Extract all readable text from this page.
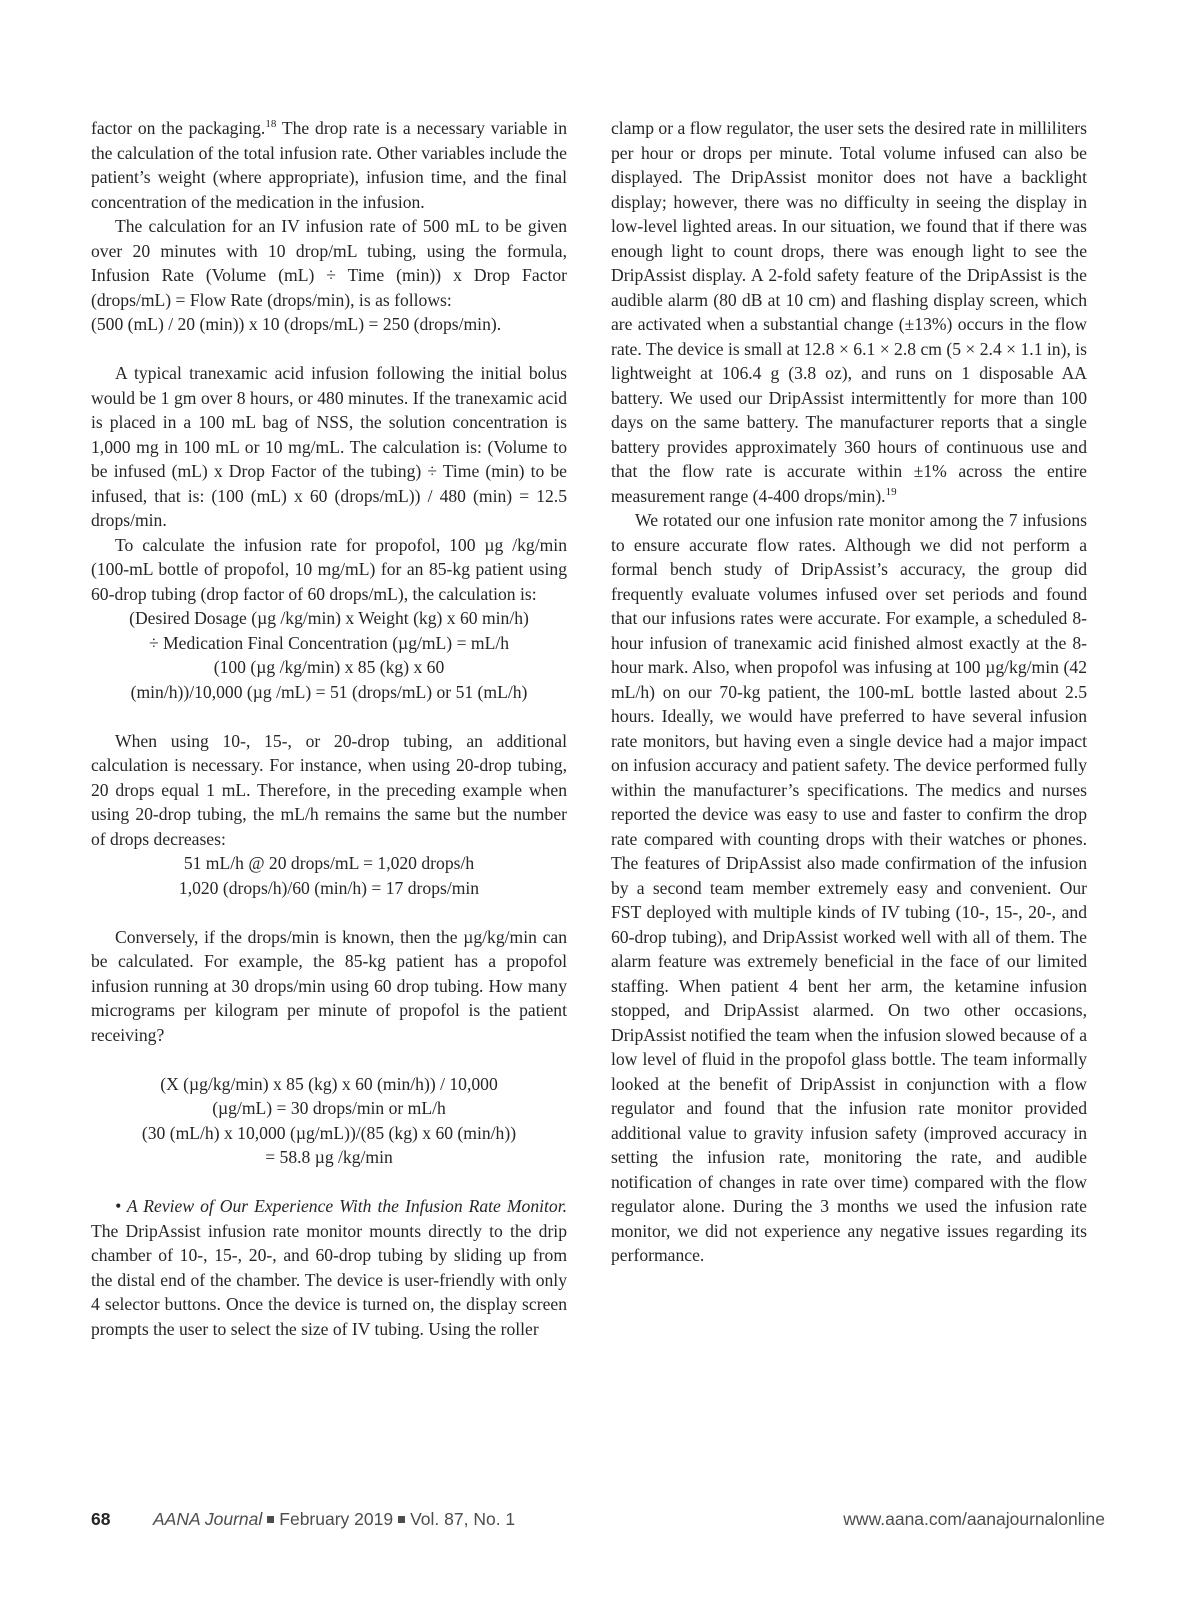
factor on the packaging.$^{18}$ The drop rate is a necessary variable in the calculation of the total infusion rate. Other variables include the patient’s weight (where appropriate), infusion time, and the final concentration of the medication in the infusion.

The calculation for an IV infusion rate of 500 mL to be given over 20 minutes with 10 drop/mL tubing, using the formula, Infusion Rate (Volume (mL) ÷ Time (min)) x Drop Factor (drops/mL) = Flow Rate (drops/min), is as follows:

(500 (mL) / 20 (min)) x 10 (drops/mL) = 250 (drops/min).

A typical tranexamic acid infusion following the initial bolus would be 1 gm over 8 hours, or 480 minutes. If the tranexamic acid is placed in a 100 mL bag of NSS, the solution concentration is 1,000 mg in 100 mL or 10 mg/mL. The calculation is: (Volume to be infused (mL) x Drop Factor of the tubing) ÷ Time (min) to be infused, that is: (100 (mL) x 60 (drops/mL)) / 480 (min) = 12.5 drops/min.

To calculate the infusion rate for propofol, 100 µg /kg/min (100-mL bottle of propofol, 10 mg/mL) for an 85-kg patient using 60-drop tubing (drop factor of 60 drops/mL), the calculation is:

(Desired Dosage (µg /kg/min) x Weight (kg) x 60 min/h)

÷ Medication Final Concentration (µg/mL) = mL/h

(100 (µg /kg/min) x 85 (kg) x 60

(min/h))/10,000 (µg /mL) = 51 (drops/mL) or 51 (mL/h)

When using 10-, 15-, or 20-drop tubing, an additional calculation is necessary. For instance, when using 20-drop tubing, 20 drops equal 1 mL. Therefore, in the preceding example when using 20-drop tubing, the mL/h remains the same but the number of drops decreases:

51 mL/h @ 20 drops/mL = 1,020 drops/h

1,020 (drops/h)/60 (min/h) = 17 drops/min

Conversely, if the drops/min is known, then the µg/kg/min can be calculated. For example, the 85-kg patient has a propofol infusion running at 30 drops/min using 60 drop tubing. How many micrograms per kilogram per minute of propofol is the patient receiving?

(X (µg/kg/min) x 85 (kg) x 60 (min/h)) / 10,000

(µg/mL) = 30 drops/min or mL/h

(30 (mL/h) x 10,000 (µg/mL))/(85 (kg) x 60 (min/h))

= 58.8 µg /kg/min

• A Review of Our Experience With the Infusion Rate Monitor. The DripAssist infusion rate monitor mounts directly to the drip chamber of 10-, 15-, 20-, and 60-drop tubing by sliding up from the distal end of the chamber. The device is user-friendly with only 4 selector buttons. Once the device is turned on, the display screen prompts the user to select the size of IV tubing. Using the roller

clamp or a flow regulator, the user sets the desired rate in milliliters per hour or drops per minute. Total volume infused can also be displayed. The DripAssist monitor does not have a backlight display; however, there was no difficulty in seeing the display in low-level lighted areas. In our situation, we found that if there was enough light to count drops, there was enough light to see the DripAssist display. A 2-fold safety feature of the DripAssist is the audible alarm (80 dB at 10 cm) and flashing display screen, which are activated when a substantial change (±13%) occurs in the flow rate. The device is small at 12.8 × 6.1 × 2.8 cm (5 × 2.4 × 1.1 in), is lightweight at 106.4 g (3.8 oz), and runs on 1 disposable AA battery. We used our DripAssist intermittently for more than 100 days on the same battery. The manufacturer reports that a single battery provides approximately 360 hours of continuous use and that the flow rate is accurate within ±1% across the entire measurement range (4-400 drops/min).$^{19}$

We rotated our one infusion rate monitor among the 7 infusions to ensure accurate flow rates. Although we did not perform a formal bench study of DripAssist’s accuracy, the group did frequently evaluate volumes infused over set periods and found that our infusions rates were accurate. For example, a scheduled 8-hour infusion of tranexamic acid finished almost exactly at the 8-hour mark. Also, when propofol was infusing at 100 µg/kg/min (42 mL/h) on our 70-kg patient, the 100-mL bottle lasted about 2.5 hours. Ideally, we would have preferred to have several infusion rate monitors, but having even a single device had a major impact on infusion accuracy and patient safety. The device performed fully within the manufacturer’s specifications. The medics and nurses reported the device was easy to use and faster to confirm the drop rate compared with counting drops with their watches or phones. The features of DripAssist also made confirmation of the infusion by a second team member extremely easy and convenient. Our FST deployed with multiple kinds of IV tubing (10-, 15-, 20-, and 60-drop tubing), and DripAssist worked well with all of them. The alarm feature was extremely beneficial in the face of our limited staffing. When patient 4 bent her arm, the ketamine infusion stopped, and DripAssist alarmed. On two other occasions, DripAssist notified the team when the infusion slowed because of a low level of fluid in the propofol glass bottle. The team informally looked at the benefit of DripAssist in conjunction with a flow regulator and found that the infusion rate monitor provided additional value to gravity infusion safety (improved accuracy in setting the infusion rate, monitoring the rate, and audible notification of changes in rate over time) compared with the flow regulator alone. During the 3 months we used the infusion rate monitor, we did not experience any negative issues regarding its performance.

68 AANA Journal February 2019 Vol. 87, No. 1	www.aana.com/aanajournalonline
